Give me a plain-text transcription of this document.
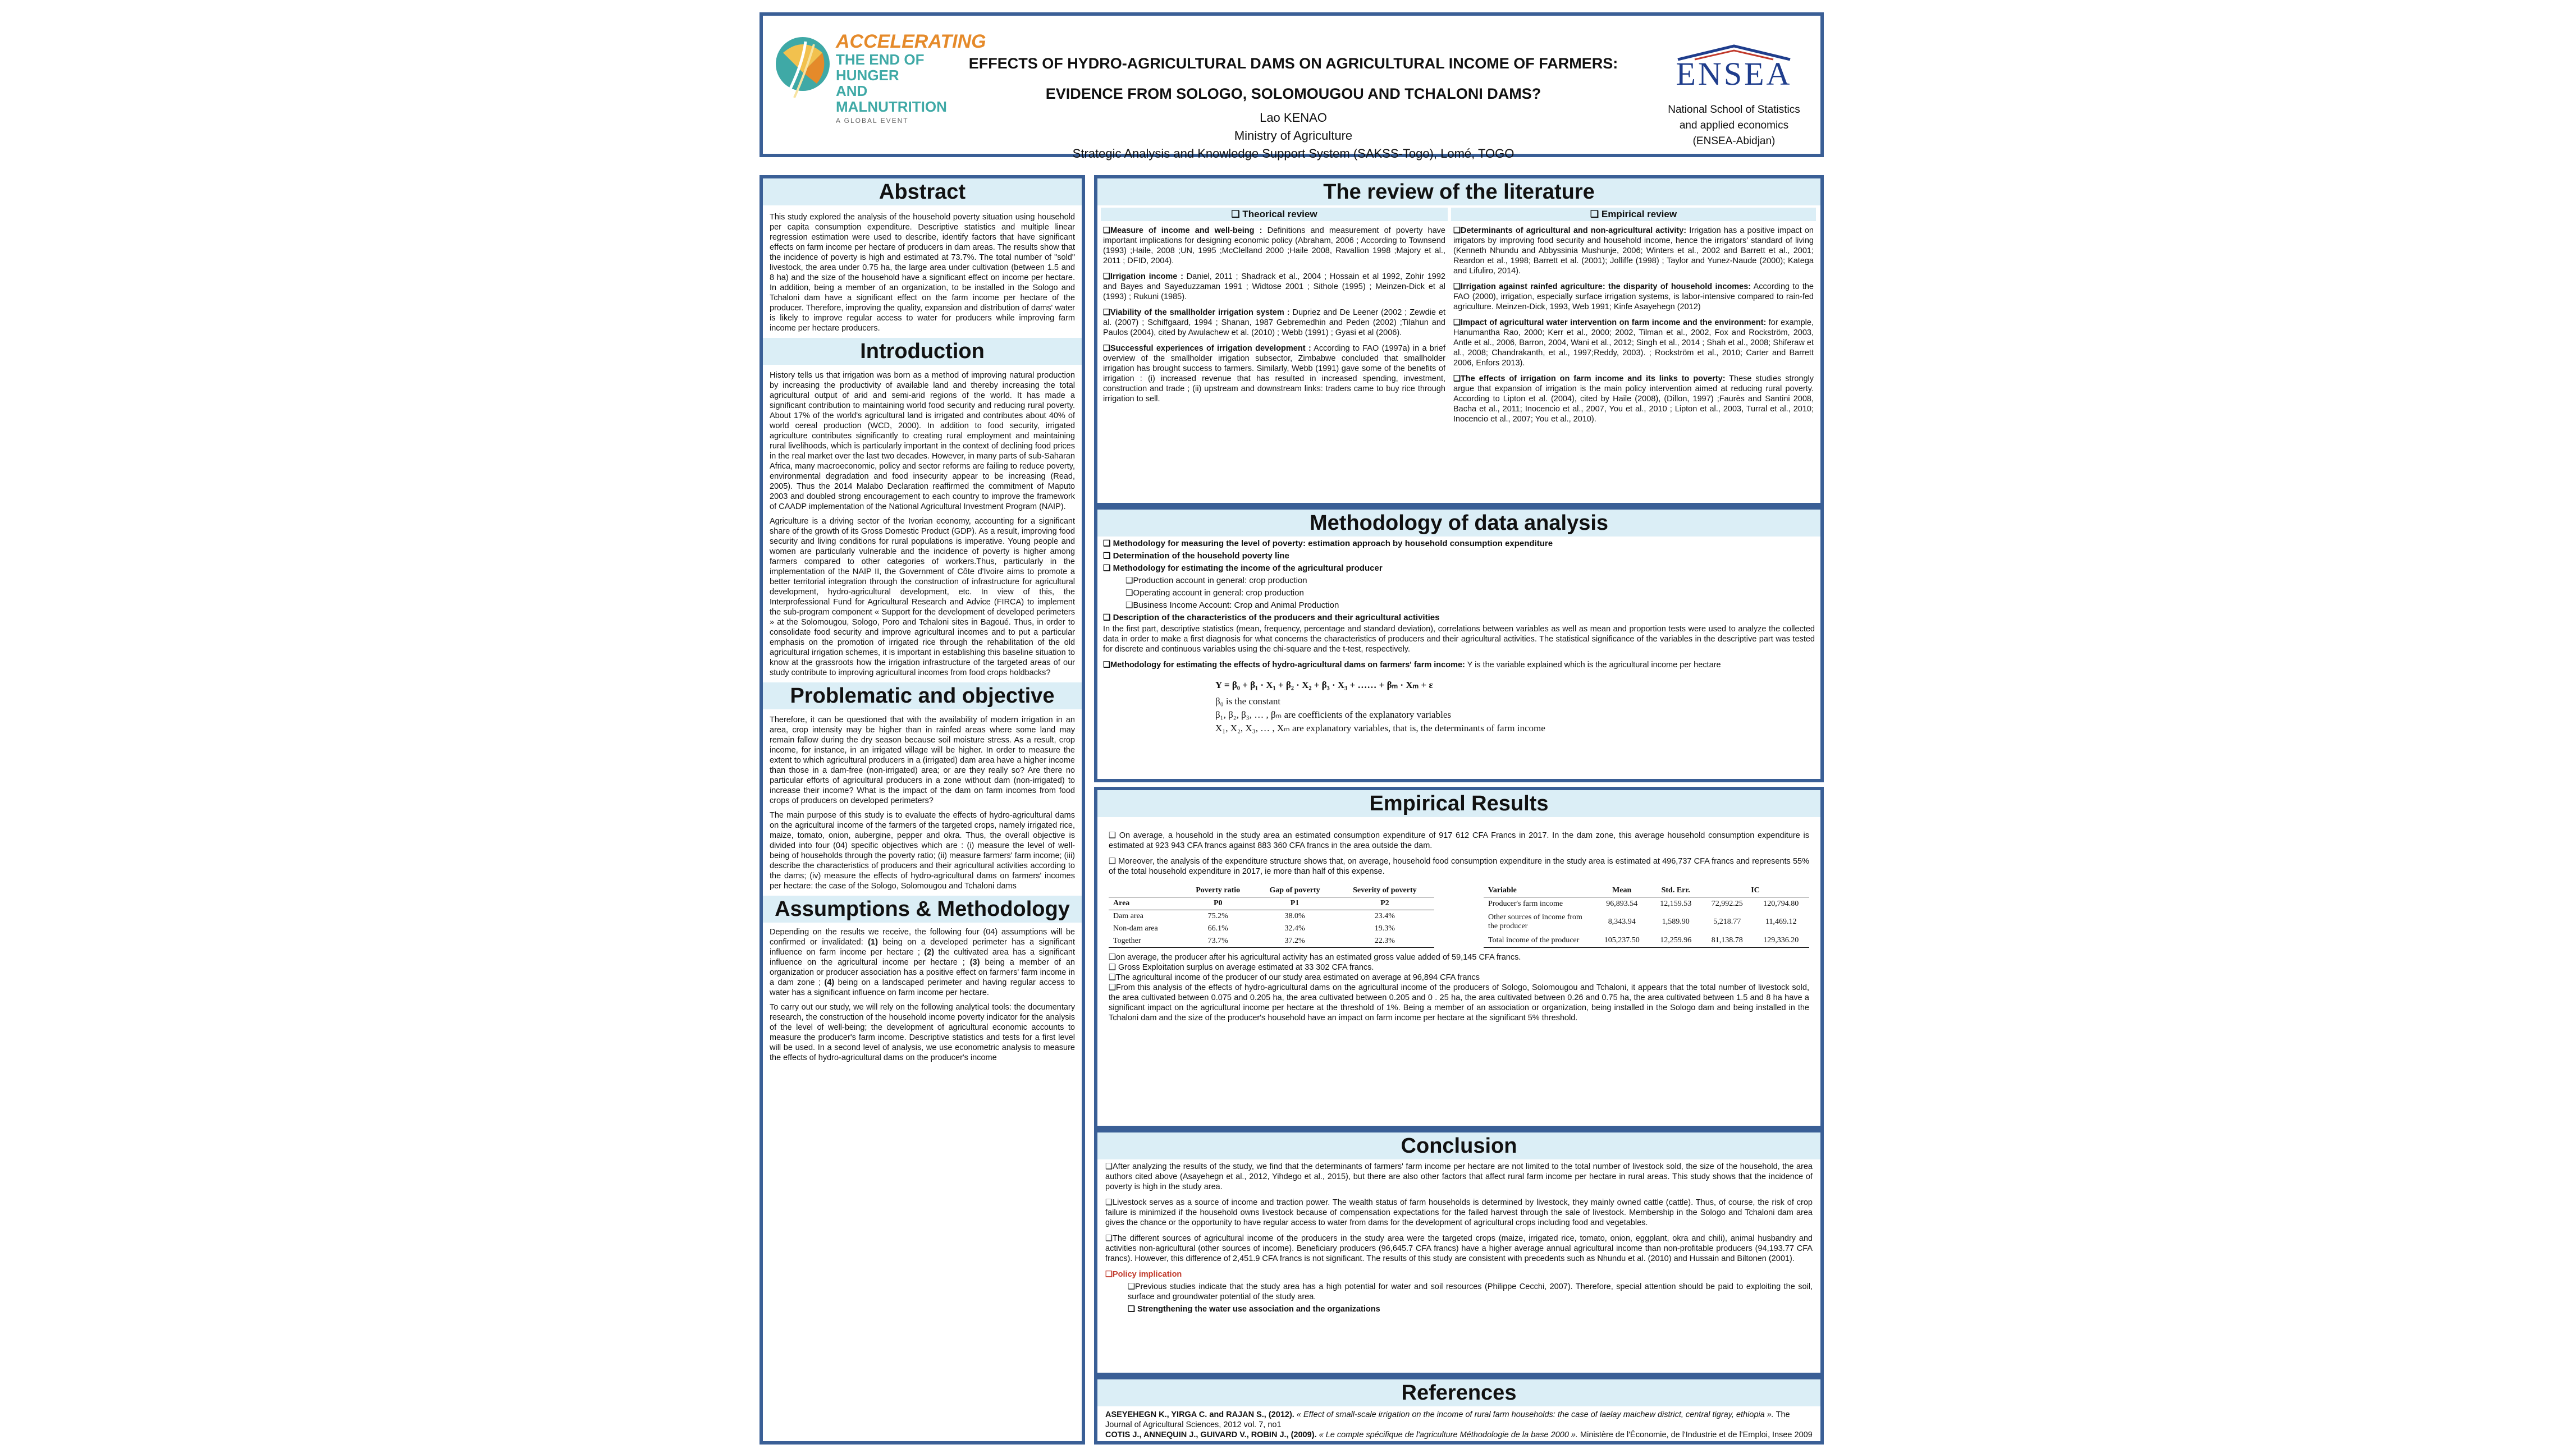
ACCELERATING
THE END OF HUNGER
AND MALNUTRITION
A GLOBAL EVENT
EFFECTS OF HYDRO-AGRICULTURAL DAMS ON AGRICULTURAL INCOME OF FARMERS:
EVIDENCE FROM SOLOGO, SOLOMOUGOU AND TCHALONI DAMS?
Lao KENAO
Ministry of Agriculture
Strategic Analysis and Knowledge Support System (SAKSS-Togo), Lomé, TOGO
ENSEA
National School of Statistics
and applied economics
(ENSEA-Abidjan)
Abstract

This study explored the analysis of the household poverty situation using household per capita consumption expenditure. Descriptive statistics and multiple linear regression estimation were used to describe, identify factors that have significant effects on farm income per hectare of producers in dam areas. The results show that the incidence of poverty is high and estimated at 73.7%. The total number of "sold" livestock, the area under 0.75 ha, the large area under cultivation (between 1.5 and 8 ha) and the size of the household have a significant effect on income per hectare. In addition, being a member of an organization, to be installed in the Sologo and Tchaloni dam have a significant effect on the farm income per hectare of the producer. Therefore, improving the quality, expansion and distribution of dams' water is likely to improve regular access to water for producers while improving farm income per hectare producers.

Introduction

History tells us that irrigation was born as a method of improving natural production by increasing the productivity of available land and thereby increasing the total agricultural output of arid and semi-arid regions of the world. It has made a significant contribution to maintaining world food security and reducing rural poverty. About 17% of the world's agricultural land is irrigated and contributes about 40% of world cereal production (WCD, 2000). In addition to food security, irrigated agriculture contributes significantly to creating rural employment and maintaining rural livelihoods, which is particularly important in the context of declining food prices in the real market over the last two decades. However, in many parts of sub-Saharan Africa, many macroeconomic, policy and sector reforms are failing to reduce poverty, environmental degradation and food insecurity appear to be increasing (Read, 2005). Thus the 2014 Malabo Declaration reaffirmed the commitment of Maputo 2003 and doubled strong encouragement to each country to improve the framework of CAADP implementation of the National Agricultural Investment Program (NAIP).

Agriculture is a driving sector of the Ivorian economy, accounting for a significant share of the growth of its Gross Domestic Product (GDP). As a result, improving food security and living conditions for rural populations is imperative. Young people and women are particularly vulnerable and the incidence of poverty is higher among farmers compared to other categories of workers.Thus, particularly in the implementation of the NAIP II, the Government of Côte d'Ivoire aims to promote a better territorial integration through the construction of infrastructure for agricultural development, hydro-agricultural development, etc. In view of this, the Interprofessional Fund for Agricultural Research and Advice (FIRCA) to implement the sub-program component « Support for the development of developed perimeters » at the Solomougou, Sologo, Poro and Tchaloni sites in Bagoué. Thus, in order to consolidate food security and improve agricultural incomes and to put a particular emphasis on the promotion of irrigated rice through the rehabilitation of the old agricultural irrigation schemes, it is important in establishing this baseline situation to know at the grassroots how the irrigation infrastructure of the targeted areas of our study contribute to improving agricultural incomes from food crops holdbacks?

Problematic and objective

Therefore, it can be questioned that with the availability of modern irrigation in an area, crop intensity may be higher than in rainfed areas where some land may remain fallow during the dry season because soil moisture stress. As a result, crop income, for instance, in an irrigated village will be higher. In order to measure the extent to which agricultural producers in a (irrigated) dam area have a higher income than those in a dam-free (non-irrigated) area; or are they really so? Are there no particular efforts of agricultural producers in a zone without dam (non-irrigated) to increase their income? What is the impact of the dam on farm incomes from food crops of producers on developed perimeters?

The main purpose of this study is to evaluate the effects of hydro-agricultural dams on the agricultural income of the farmers of the targeted crops, namely irrigated rice, maize, tomato, onion, aubergine, pepper and okra. Thus, the overall objective is divided into four (04) specific objectives which are : (i) measure the level of well-being of households through the poverty ratio; (ii) measure farmers' farm income; (iii) describe the characteristics of producers and their agricultural activities according to the dams; (iv) measure the effects of hydro-agricultural dams on farmers' incomes per hectare: the case of the Sologo, Solomougou and Tchaloni dams

Assumptions & Methodology

Depending on the results we receive, the following four (04) assumptions will be confirmed or invalidated: (1) being on a developed perimeter has a significant influence on farm income per hectare ; (2) the cultivated area has a significant influence on the agricultural income per hectare ; (3) being a member of an organization or producer association has a positive effect on farmers' farm income in a dam zone ; (4) being on a landscaped perimeter and having regular access to water has a significant influence on farm income per hectare.

To carry out our study, we will rely on the following analytical tools: the documentary research, the construction of the household income poverty indicator for the analysis of the level of well-being; the development of agricultural economic accounts to measure the producer's farm income. Descriptive statistics and tests for a first level will be used. In a second level of analysis, we use econometric analysis to measure the effects of hydro-agricultural dams on the producer's income

The review of the literature
❑ Theorical review
❑Measure of income and well-being : Definitions and measurement of poverty have important implications for designing economic policy (Abraham, 2006 ; According to Townsend (1993) ;Haile, 2008 ;UN, 1995 ;McClelland 2000 ;Haile 2008, Ravallion 1998 ;Majory et al., 2011 ; DFID, 2004).
❑Irrigation income : Daniel, 2011 ; Shadrack et al., 2004 ; Hossain et al 1992, Zohir 1992 and Bayes and Sayeduzzaman 1991 ; Widtose 2001 ; Sithole (1995) ; Meinzen-Dick et al (1993) ; Rukuni (1985).
❑Viability of the smallholder irrigation system : Dupriez and De Leener (2002 ; Zewdie et al. (2007) ; Schiffgaard, 1994 ; Shanan, 1987 Gebremedhin and Peden (2002) ;Tilahun and Paulos (2004), cited by Awulachew et al. (2010) ; Webb (1991) ; Gyasi et al (2006).
❑Successful experiences of irrigation development : According to FAO (1997a) in a brief overview of the smallholder irrigation subsector, Zimbabwe concluded that smallholder irrigation has brought success to farmers. Similarly, Webb (1991) gave some of the benefits of irrigation : (i) increased revenue that has resulted in increased spending, investment, construction and trade ; (ii) upstream and downstream links: traders came to buy rice through irrigation to sell.
❑ Empirical review
❑Determinants of agricultural and non-agricultural activity: Irrigation has a positive impact on irrigators by improving food security and household income, hence the irrigators' standard of living (Kenneth Nhundu and Abbyssinia Mushunje, 2006; Winters et al., 2002 and Barrett et al., 2001; Reardon et al., 1998; Barrett et al. (2001); Jolliffe (1998) ; Taylor and Yunez-Naude (2000); Katega and Lifuliro, 2014).
❑Irrigation against rainfed agriculture: the disparity of household incomes: According to the FAO (2000), irrigation, especially surface irrigation systems, is labor-intensive compared to rain-fed agriculture. Meinzen-Dick, 1993, Web 1991; Kinfe Asayehegn (2012)
❑Impact of agricultural water intervention on farm income and the environment: for example, Hanumantha Rao, 2000; Kerr et al., 2000; 2002, Tilman et al., 2002, Fox and Rockström, 2003, Antle et al., 2006, Barron, 2004, Wani et al., 2012; Singh et al., 2014 ; Shah et al., 2008; Shiferaw et al., 2008; Chandrakanth, et al., 1997;Reddy, 2003). ; Rockström et al., 2010; Carter and Barrett 2006, Enfors 2013).
❑The effects of irrigation on farm income and its links to poverty: These studies strongly argue that expansion of irrigation is the main policy intervention aimed at reducing rural poverty. According to Lipton et al. (2004), cited by Haile (2008), (Dillon, 1997) ;Faurès and Santini 2008, Bacha et al., 2011; Inocencio et al., 2007, You et al., 2010 ; Lipton et al., 2003, Turral et al., 2010; Inocencio et al., 2007; You et al., 2010).
Methodology of data analysis
❑ Methodology for measuring the level of poverty: estimation approach by household consumption expenditure
❑ Determination of the household poverty line
❑ Methodology for estimating the income of the agricultural producer
❑Production account in general: crop production
❑Operating account in general: crop production
❑Business Income Account: Crop and Animal Production
❑ Description of the characteristics of the producers and their agricultural activities
In the first part, descriptive statistics (mean, frequency, percentage and standard deviation), correlations between variables as well as mean and proportion tests were used to analyze the collected data in order to make a first diagnosis for what concerns the characteristics of producers and their agricultural activities. The statistical significance of the variables in the descriptive part was tested for discrete and continuous variables using the chi-square and the t-test, respectively.
❑Methodology for estimating the effects of hydro-agricultural dams on farmers' farm income: Y is the variable explained which is the agricultural income per hectare
Y = β₀ + β₁ · X₁ + β₂ · X₂ + β₃ · X₃ + …… + βₘ · Xₘ + ε
β₀ is the constant
β₁, β₂, β₃, … , βₘ are coefficients of the explanatory variables
X₁, X₂, X₃, … , Xₘ are explanatory variables, that is, the determinants of farm income
Empirical Results
❑ On average, a household in the study area an estimated consumption expenditure of 917 612 CFA Francs in 2017. In the dam zone, this average household consumption expenditure is estimated at 923 943 CFA francs against 883 360 CFA francs in the area outside the dam.
❑ Moreover, the analysis of the expenditure structure shows that, on average, household food consumption expenditure in the study area is estimated at 496,737 CFA francs and represents 55% of the total household expenditure in 2017, ie more than half of this expense.
	Poverty ratio	Gap of poverty	Severity of poverty
Area	P0	P1	P2
Dam area	75.2%	38.0%	23.4%
Non-dam area	66.1%	32.4%	19.3%
Together	73.7%	37.2%	22.3%
Variable	Mean	Std. Err.	IC	
Producer's farm income	96,893.54	12,159.53	72,992.25	120,794.80
Other sources of income from the producer	8,343.94	1,589.90	5,218.77	11,469.12
Total income of the producer	105,237.50	12,259.96	81,138.78	129,336.20
❑on average, the producer after his agricultural activity has an estimated gross value added of 59,145 CFA francs.
❑ Gross Exploitation surplus on average estimated at 33 302 CFA francs.
❑The agricultural income of the producer of our study area estimated on average at 96,894 CFA francs
❑From this analysis of the effects of hydro-agricultural dams on the agricultural income of the producers of Sologo, Solomougou and Tchaloni, it appears that the total number of livestock sold, the area cultivated between 0.075 and 0.205 ha, the area cultivated between 0.205 and 0 . 25 ha, the area cultivated between 0.26 and 0.75 ha, the area cultivated between 1.5 and 8 ha have a significant impact on the agricultural income per hectare at the threshold of 1%. Being a member of an association or organization, being installed in the Sologo dam and being installed in the Tchaloni dam and the size of the producer's household have an impact on farm income per hectare at the significant 5% threshold.
Conclusion
❑After analyzing the results of the study, we find that the determinants of farmers' farm income per hectare are not limited to the total number of livestock sold, the size of the household, the area authors cited above (Asayehegn et al., 2012, Yihdego et al., 2015), but there are also other factors that affect rural farm income per hectare in rural areas. This study shows that the incidence of poverty is high in the study area.
❑Livestock serves as a source of income and traction power. The wealth status of farm households is determined by livestock, they mainly owned cattle (cattle). Thus, of course, the risk of crop failure is minimized if the household owns livestock because of compensation expectations for the failed harvest through the sale of livestock. Membership in the Sologo and Tchaloni dam area gives the chance or the opportunity to have regular access to water from dams for the development of agricultural crops including food and vegetables.
❑The different sources of agricultural income of the producers in the study area were the targeted crops (maize, irrigated rice, tomato, onion, eggplant, okra and chili), animal husbandry and activities non-agricultural (other sources of income). Beneficiary producers (96,645.7 CFA francs) have a higher average annual agricultural income than non-profitable producers (94,193.77 CFA francs). However, this difference of 2,451.9 CFA francs is not significant. The results of this study are consistent with precedents such as Nhundu et al. (2010) and Hussain and Biltonen (2001).
❑Policy implication
❑Previous studies indicate that the study area has a high potential for water and soil resources (Philippe Cecchi, 2007). Therefore, special attention should be paid to exploiting the soil, surface and groundwater potential of the study area.
❑ Strengthening the water use association and the organizations
References
ASEYEHEGN K., YIRGA C. and RAJAN S., (2012). « Effect of small-scale irrigation on the income of rural farm households: the case of laelay maichew district, central tigray, ethiopia ». The Journal of Agricultural Sciences, 2012 vol. 7, no1
COTIS J., ANNEQUIN J., GUIVARD V., ROBIN J., (2009). « Le compte spécifique de l'agriculture Méthodologie de la base 2000 ». Ministère de l'Économie, de l'Industrie et de l'Emploi, Insee 2009
